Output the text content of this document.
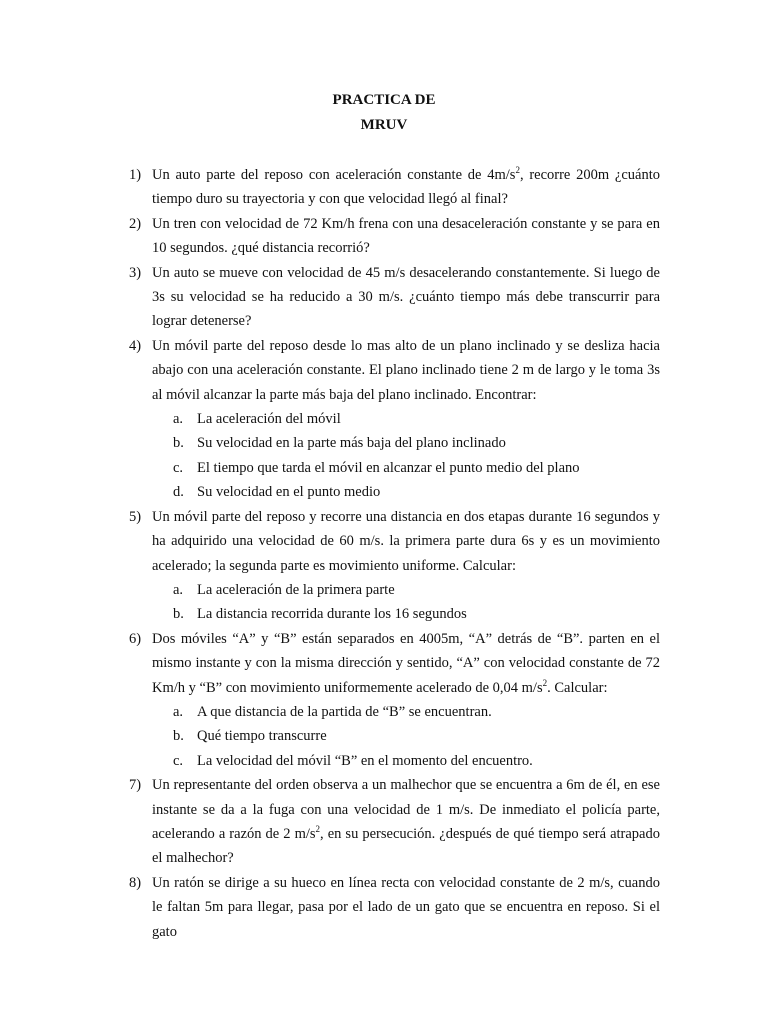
PRACTICA DE
MRUV
1) Un auto parte del reposo con aceleración constante de $4m/s^2$, recorre 200m ¿cuánto tiempo duro su trayectoria y con que velocidad llegó al final?

2) Un tren con velocidad de 72 Km/h frena con una desaceleración constante y se para en 10 segundos. ¿qué distancia recorrió?

3) Un auto se mueve con velocidad de 45 m/s desacelerando constantemente. Si luego de 3s su velocidad se ha reducido a 30 m/s. ¿cuánto tiempo más debe transcurrir para lograr detenerse?

4) Un móvil parte del reposo desde lo mas alto de un plano inclinado y se desliza hacia abajo con una aceleración constante. El plano inclinado tiene 2 m de largo y le toma 3s al móvil alcanzar la parte más baja del plano inclinado. Encontrar:

a. La aceleración del móvil
b. Su velocidad en la parte más baja del plano inclinado
c. El tiempo que tarda el móvil en alcanzar el punto medio del plano
d. Su velocidad en el punto medio
5) Un móvil parte del reposo y recorre una distancia en dos etapas durante 16 segundos y ha adquirido una velocidad de 60 m/s. la primera parte dura 6s y es un movimiento acelerado; la segunda parte es movimiento uniforme. Calcular:

a. La aceleración de la primera parte
b. La distancia recorrida durante los 16 segundos
6) Dos móviles “A” y “B” están separados en 4005m, “A” detrás de “B”. parten en el mismo instante y con la misma dirección y sentido, “A” con velocidad constante de 72 Km/h y “B” con movimiento uniformemente acelerado de 0,04 $m/s^2$. Calcular:

a. A que distancia de la partida de “B” se encuentran.
b. Qué tiempo transcurre
c. La velocidad del móvil “B” en el momento del encuentro.
7) Un representante del orden observa a un malhechor que se encuentra a 6m de él, en ese instante se da a la fuga con una velocidad de 1 m/s. De inmediato el policía parte, acelerando a razón de 2 $m/s^2$, en su persecución. ¿después de qué tiempo será atrapado el malhechor?

8) Un ratón se dirige a su hueco en línea recta con velocidad constante de 2 m/s, cuando le faltan 5m para llegar, pasa por el lado de un gato que se encuentra en reposo. Si el gato
